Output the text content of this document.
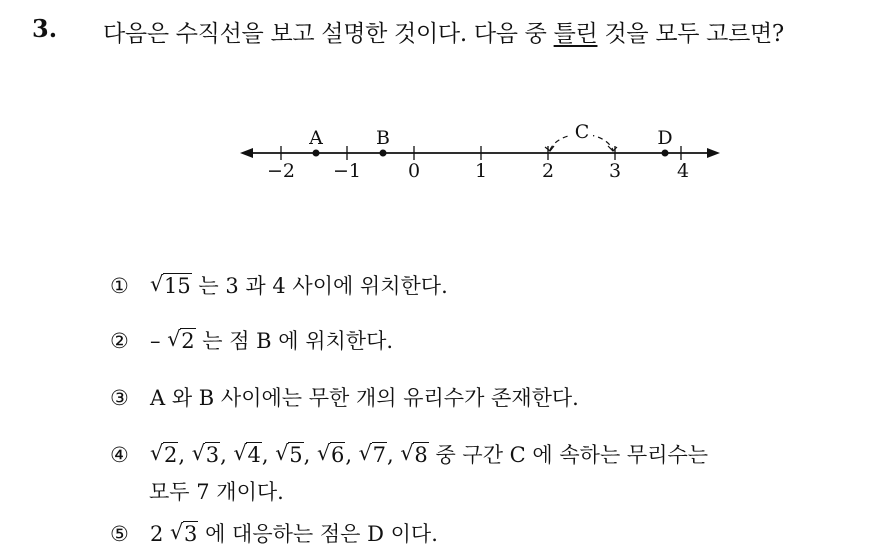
3. 다음은 수직선을 보고 설명한 것이다. 다음 중 틀린 것을 모두 고르면?
−2 −1 0	1	2	3	4
A	B	D
C
① √ 15 는 3 과 4 사이에 위치한다.
② – √ 2 는 점 B 에 위치한다.
③ A 와 B 사이에는 무한 개의 유리수가 존재한다.
④ √ 2, √ 3, √ 4, √ 5, √ 6, √ 7, √ 8 중 구간 C 에 속하는 무리수는
모두 7 개이다.
⑤ 2 √ 3 에 대응하는 점은 D 이다.
